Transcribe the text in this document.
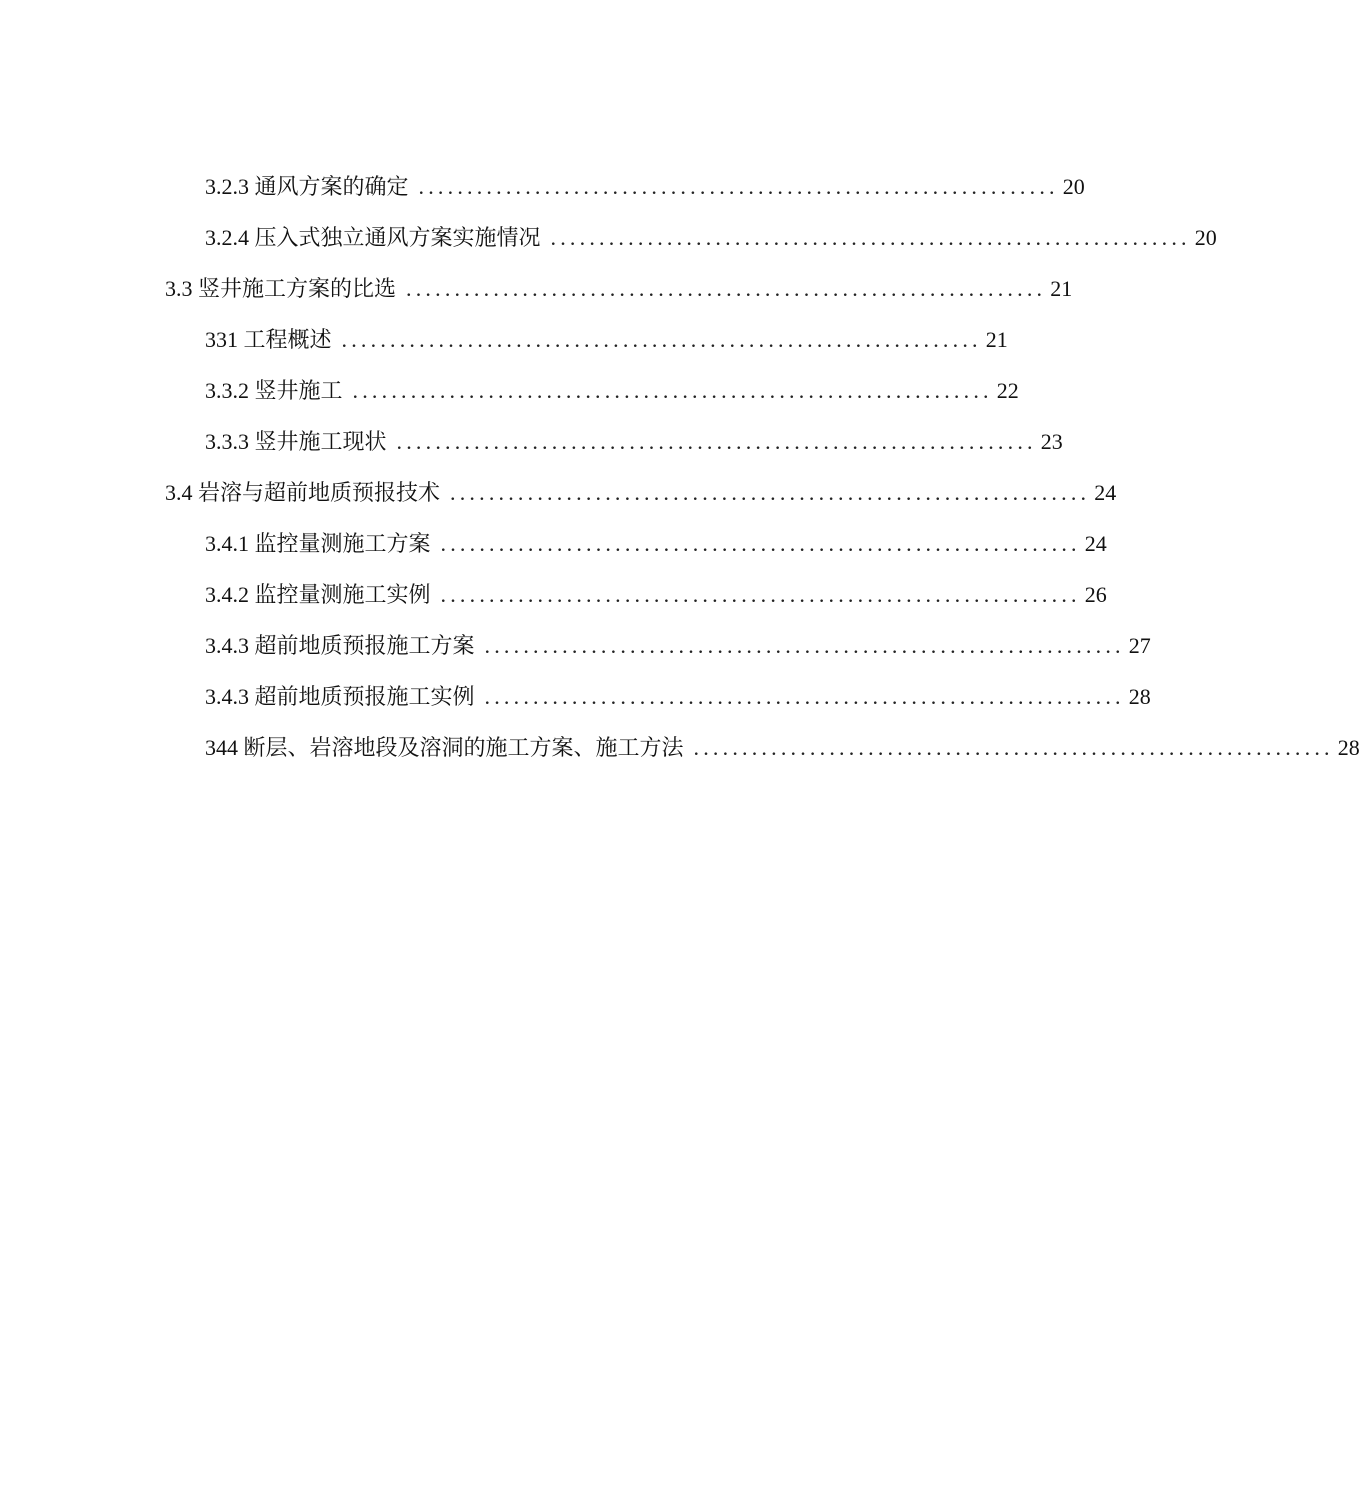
3.2.3 通风方案的确定 .................................................................. 20
3.2.4 压入式独立通风方案实施情况 .................................................................. 20
3.3 竖井施工方案的比选 .................................................................. 21
331 工程概述 .................................................................. 21
3.3.2 竖井施工 .................................................................. 22
3.3.3 竖井施工现状 .................................................................. 23
3.4 岩溶与超前地质预报技术 .................................................................. 24
3.4.1 监控量测施工方案 .................................................................. 24
3.4.2 监控量测施工实例 .................................................................. 26
3.4.3 超前地质预报施工方案 .................................................................. 27
3.4.3 超前地质预报施工实例 .................................................................. 28
344 断层、岩溶地段及溶洞的施工方案、施工方法 .................................................................. 28
